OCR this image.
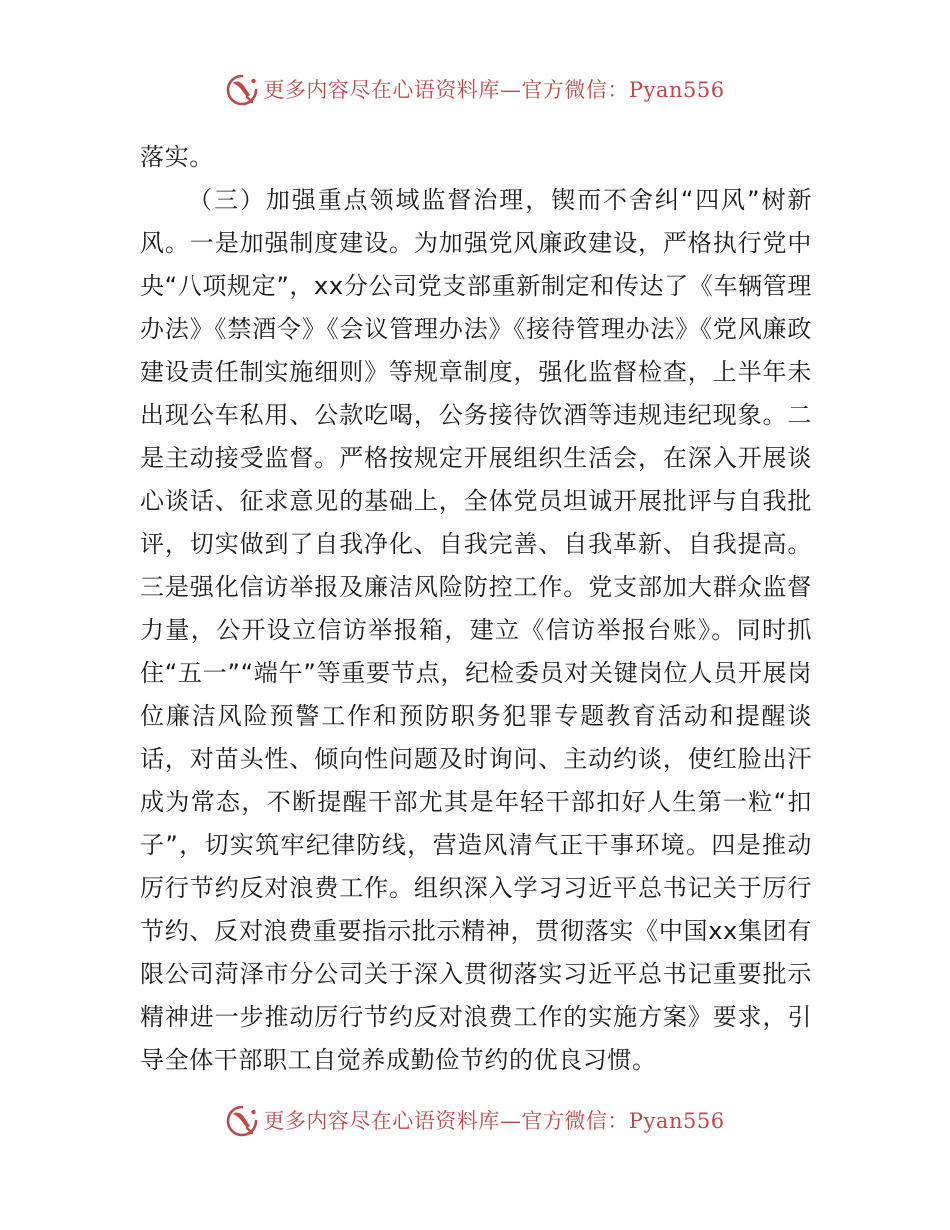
更多内容尽在心语资料库—官方微信：Pyan556

落实。

（三）加强重点领域监督治理，锲而不舍纠“四风”树新风。一是加强制度建设。为加强党风廉政建设，严格执行党中央“八项规定”，xx分公司党支部重新制定和传达了《车辆管理办法》《禁酒令》《会议管理办法》《接待管理办法》《党风廉政建设责任制实施细则》等规章制度，强化监督检查，上半年未出现公车私用、公款吃喝，公务接待饮酒等违规违纪现象。二是主动接受监督。严格按规定开展组织生活会，在深入开展谈心谈话、征求意见的基础上，全体党员坦诚开展批评与自我批评，切实做到了自我净化、自我完善、自我革新、自我提高。三是强化信访举报及廉洁风险防控工作。党支部加大群众监督力量，公开设立信访举报箱，建立《信访举报台账》。同时抓住“五一”“端午”等重要节点，纪检委员对关键岗位人员开展岗位廉洁风险预警工作和预防职务犯罪专题教育活动和提醒谈话，对苗头性、倾向性问题及时询问、主动约谈，使红脸出汗成为常态，不断提醒干部尤其是年轻干部扣好人生第一粒“扣子”，切实筑牢纪律防线，营造风清气正干事环境。四是推动厉行节约反对浪费工作。组织深入学习习近平总书记关于厉行节约、反对浪费重要指示批示精神，贯彻落实《中国xx集团有限公司菏泽市分公司关于深入贯彻落实习近平总书记重要批示精神进一步推动厉行节约反对浪费工作的实施方案》要求，引导全体干部职工自觉养成勤俭节约的优良习惯。

更多内容尽在心语资料库—官方微信：Pyan556
